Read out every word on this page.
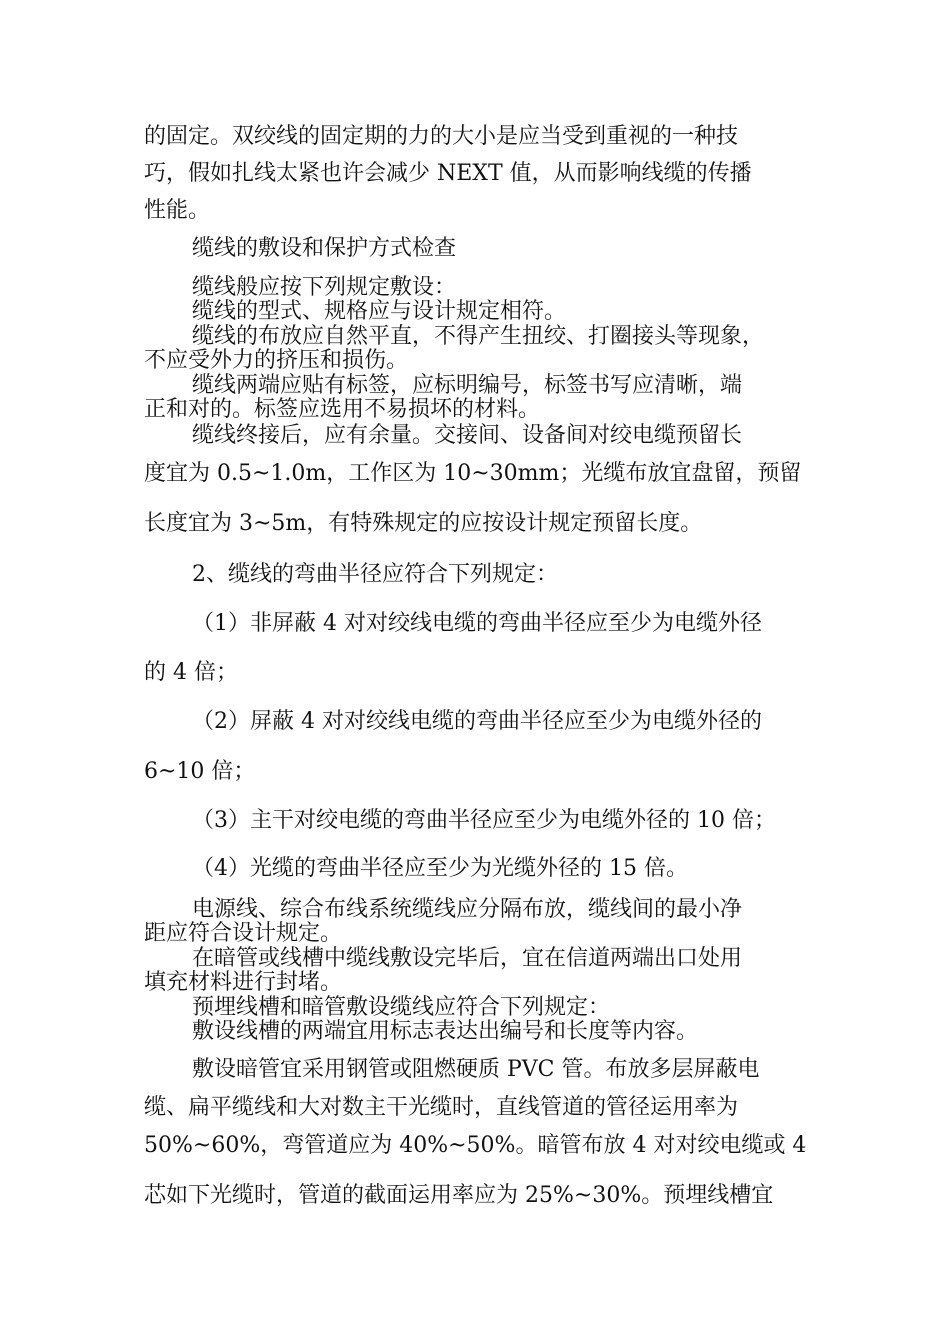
的固定。双绞线的固定期的力的大小是应当受到重视的一种技

巧，假如扎线太紧也许会减少 NEXT 值，从而影响线缆的传播

性能。

缆线的敷设和保护方式检查

缆线般应按下列规定敷设：

缆线的型式、规格应与设计规定相符。

缆线的布放应自然平直，不得产生扭绞、打圈接头等现象，

不应受外力的挤压和损伤。

缆线两端应贴有标签，应标明编号，标签书写应清晰，端

正和对的。标签应选用不易损坏的材料。

缆线终接后，应有余量。交接间、设备间对绞电缆预留长

度宜为 0.5~1.0m，工作区为 10~30mm；光缆布放宜盘留，预留

长度宜为 3~5m，有特殊规定的应按设计规定预留长度。

2、缆线的弯曲半径应符合下列规定：

（1）非屏蔽 4 对对绞线电缆的弯曲半径应至少为电缆外径

的 4 倍；

（2）屏蔽 4 对对绞线电缆的弯曲半径应至少为电缆外径的

6~10 倍；

（3）主干对绞电缆的弯曲半径应至少为电缆外径的 10 倍；

（4）光缆的弯曲半径应至少为光缆外径的 15 倍。

电源线、综合布线系统缆线应分隔布放，缆线间的最小净

距应符合设计规定。

在暗管或线槽中缆线敷设完毕后，宜在信道两端出口处用

填充材料进行封堵。

预埋线槽和暗管敷设缆线应符合下列规定：

敷设线槽的两端宜用标志表达出编号和长度等内容。

敷设暗管宜采用钢管或阻燃硬质 PVC 管。布放多层屏蔽电

缆、扁平缆线和大对数主干光缆时，直线管道的管径运用率为

50%~60%，弯管道应为 40%~50%。暗管布放 4 对对绞电缆或 4

芯如下光缆时，管道的截面运用率应为 25%~30%。预埋线槽宜
